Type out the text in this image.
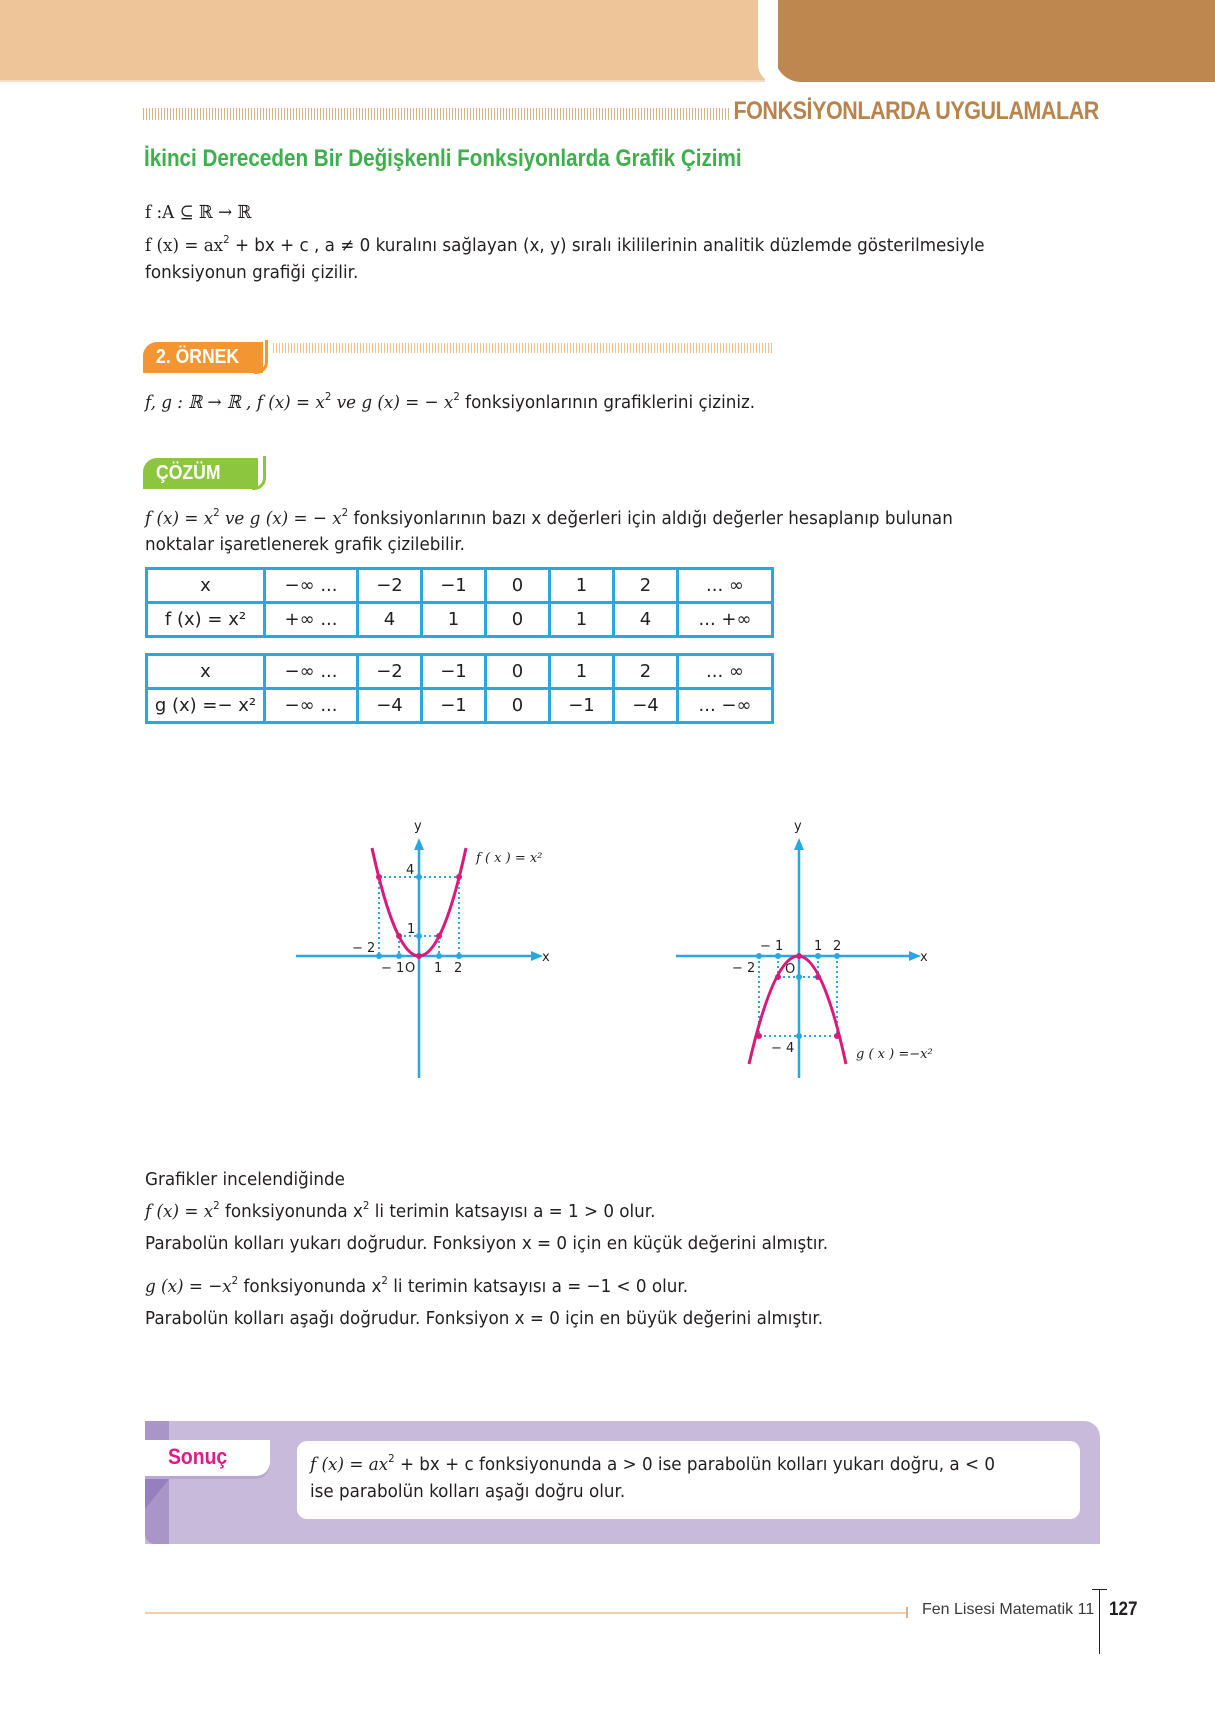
FONKSİYONLARDA UYGULAMALAR
İkinci Dereceden Bir Değişkenli Fonksiyonlarda Grafik Çizimi
f :A ⊆ ℝ → ℝ
f $(x) = ax^2$ + bx + c , a ≠ 0 kuralını sağlayan (x, y) sıralı ikililerinin analitik düzlemde gösterilmesiyle
fonksiyonun grafiği çizilir.
2. ÖRNEK
f, g : ℝ → ℝ , f $(x) = x^2$ ve g (x) = − $x^2$ fonksiyonlarının grafiklerini çiziniz.
ÇÖZÜM
f $(x) = x^2$ ve g (x) = − $x^2$ fonksiyonlarının bazı x değerleri için aldığı değerler hesaplanıp bulunan
noktalar işaretlenerek grafik çizilebilir.
x	−∞ ...	−2	−1	0	1	2	... ∞
f (x) = x²	+∞ ...	4	1	0	1	4	... +∞
x	−∞ ...	−2	−1	0	1	2	... ∞
g (x) =− x²	−∞ ...	−4	−1	0	−1	−4	... −∞
y
x
4
1
− 2
− 1 O 1 2
f ( x ) = x²
y
x
− 1
− 2 O
1 2
− 4	g ( x ) =−x²
Grafikler incelendiğinde
f $(x) = x^2$ fonksiyonunda $x^2$ li terimin katsayısı a = 1 > 0 olur.
Parabolün kolları yukarı doğrudur. Fonksiyon x = 0 için en küçük değerini almıştır.
g $(x) = -x^2$ fonksiyonunda $x^2$ li terimin katsayısı a = −1 < 0 olur.
Parabolün kolları aşağı doğrudur. Fonksiyon x = 0 için en büyük değerini almıştır.
Sonuç	f $(x) = ax^2$ + bx + c fonksiyonunda a > 0 ise parabolün kolları yukarı doğru, a < 0
ise parabolün kolları aşağı doğru olur.
Fen Lisesi Matematik 11 127
